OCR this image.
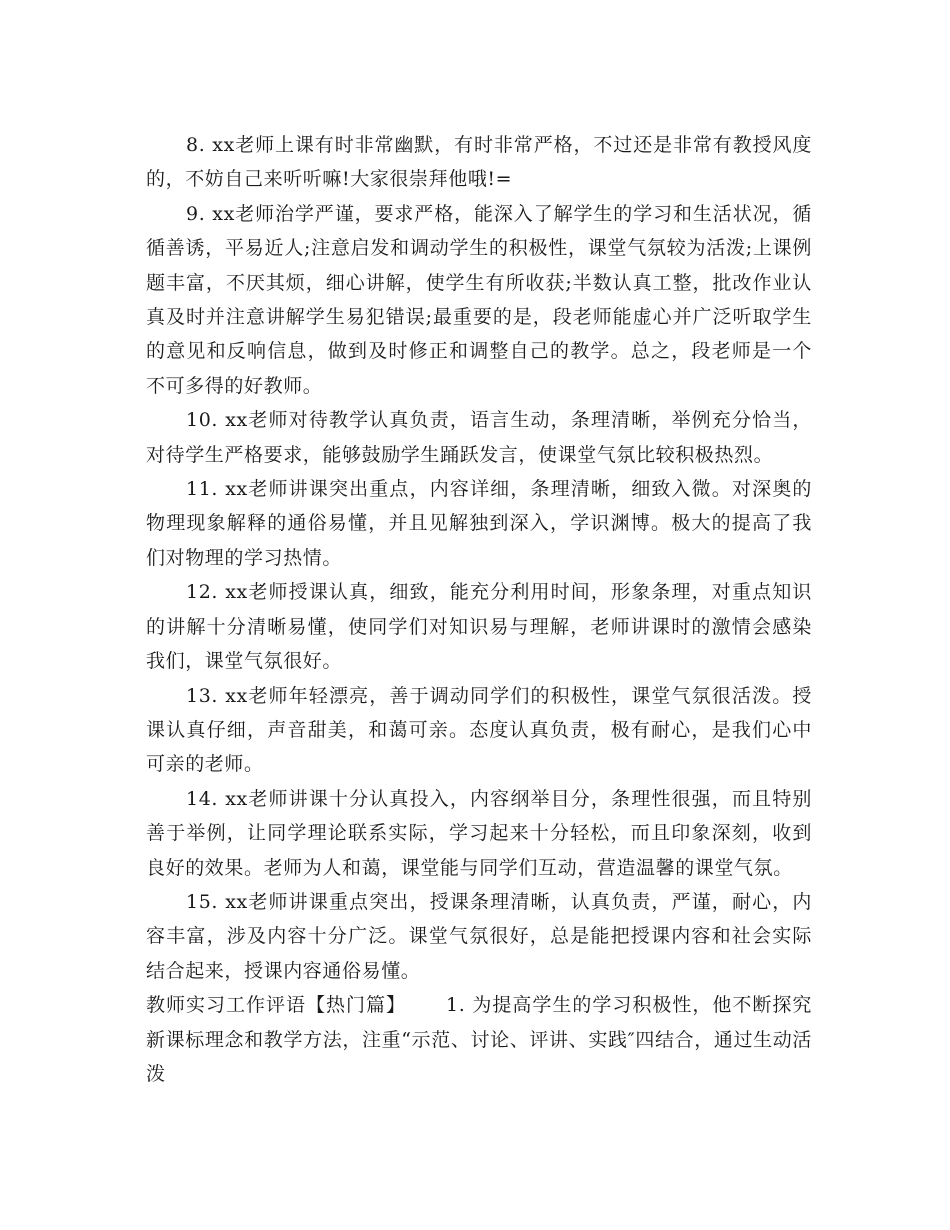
8. xx老师上课有时非常幽默，有时非常严格，不过还是非常有教授风度的，不妨自己来听听嘛!大家很崇拜他哦!=

9. xx老师治学严谨，要求严格，能深入了解学生的学习和生活状况，循循善诱，平易近人;注意启发和调动学生的积极性，课堂气氛较为活泼;上课例题丰富，不厌其烦，细心讲解，使学生有所收获;半数认真工整，批改作业认真及时并注意讲解学生易犯错误;最重要的是，段老师能虚心并广泛听取学生的意见和反响信息，做到及时修正和调整自己的教学。总之，段老师是一个不可多得的好教师。

10. xx老师对待教学认真负责，语言生动，条理清晰，举例充分恰当，对待学生严格要求，能够鼓励学生踊跃发言，使课堂气氛比较积极热烈。

11. xx老师讲课突出重点，内容详细，条理清晰，细致入微。对深奥的物理现象解释的通俗易懂，并且见解独到深入，学识渊博。极大的提高了我们对物理的学习热情。

12. xx老师授课认真，细致，能充分利用时间，形象条理，对重点知识的讲解十分清晰易懂，使同学们对知识易与理解，老师讲课时的激情会感染我们，课堂气氛很好。

13. xx老师年轻漂亮，善于调动同学们的积极性，课堂气氛很活泼。授课认真仔细，声音甜美，和蔼可亲。态度认真负责，极有耐心，是我们心中可亲的老师。

14. xx老师讲课十分认真投入，内容纲举目分，条理性很强，而且特别善于举例，让同学理论联系实际，学习起来十分轻松，而且印象深刻，收到良好的效果。老师为人和蔼，课堂能与同学们互动，营造温馨的课堂气氛。

15. xx老师讲课重点突出，授课条理清晰，认真负责，严谨，耐心，内容丰富，涉及内容十分广泛。课堂气氛很好，总是能把授课内容和社会实际结合起来，授课内容通俗易懂。

教师实习工作评语【热门篇】 1. 为提高学生的学习积极性，他不断探究新课标理念和教学方法，注重“示范、讨论、评讲、实践″四结合，通过生动活泼
